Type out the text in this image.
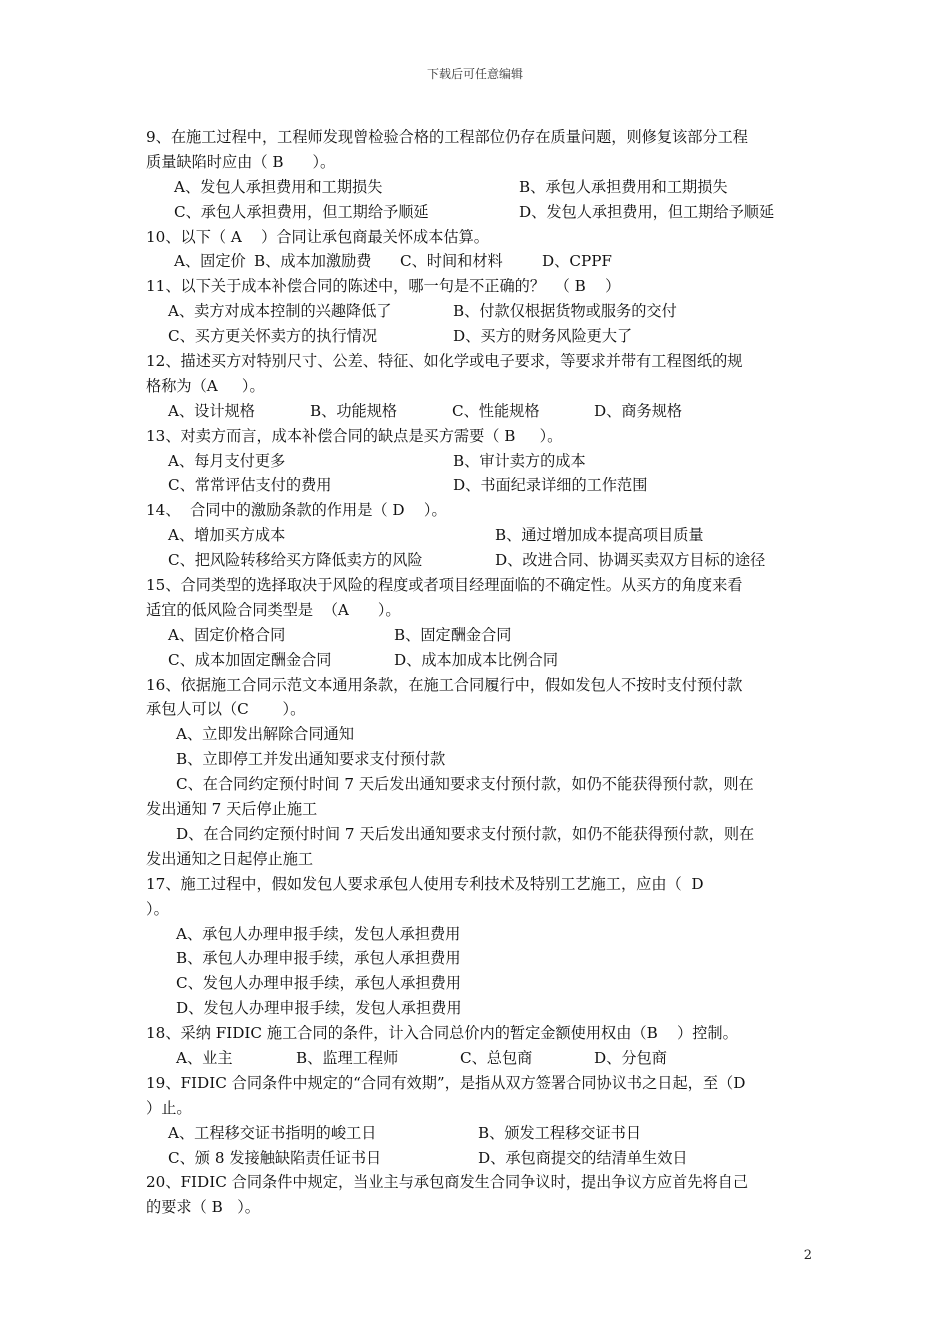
下载后可任意编辑
9、在施工过程中，工程师发现曾检验合格的工程部位仍存在质量问题，则修复该部分工程
质量缺陷时应由（ B      ）。
A、发包人承担费用和工期损失	B、承包人承担费用和工期损失
C、承包人承担费用，但工期给予顺延	D、发包人承担费用，但工期给予顺延
10、以下（ A    ）合同让承包商最关怀成本估算。
A、固定价 B、成本加激励费 C、时间和材料	D、CPPF
11、以下关于成本补偿合同的陈述中，哪一句是不正确的？  （ B    ）
A、卖方对成本控制的兴趣降低了	B、付款仅根据货物或服务的交付
C、买方更关怀卖方的执行情况	D、买方的财务风险更大了
12、描述买方对特别尺寸、公差、特征、如化学或电子要求，等要求并带有工程图纸的规
格称为（A     ）。
A、设计规格	B、功能规格	C、性能规格	D、商务规格
13、对卖方而言，成本补偿合同的缺点是买方需要（ B     ）。
A、每月支付更多	B、审计卖方的成本
C、常常评估支付的费用	D、书面纪录详细的工作范围
14、  合同中的激励条款的作用是（ D    ）。
A、增加买方成本	B、通过增加成本提高项目质量
C、把风险转移给买方降低卖方的风险	D、改进合同、协调买卖双方目标的途径
15、合同类型的选择取决于风险的程度或者项目经理面临的不确定性。从买方的角度来看
适宜的低风险合同类型是  （A      ）。
A、固定价格合同	B、固定酬金合同
C、成本加固定酬金合同	D、成本加成本比例合同
16、依据施工合同示范文本通用条款，在施工合同履行中，假如发包人不按时支付预付款
承包人可以（C       ）。
A、立即发出解除合同通知
B、立即停工并发出通知要求支付预付款
C、在合同约定预付时间 7 天后发出通知要求支付预付款，如仍不能获得预付款，则在
发出通知 7 天后停止施工
D、在合同约定预付时间 7 天后发出通知要求支付预付款，如仍不能获得预付款，则在
发出通知之日起停止施工
17、施工过程中，假如发包人要求承包人使用专利技术及特别工艺施工，应由（  D
）。
A、承包人办理申报手续，发包人承担费用
B、承包人办理申报手续，承包人承担费用
C、发包人办理申报手续，承包人承担费用
D、发包人办理申报手续，发包人承担费用
18、采纳 FIDIC 施工合同的条件，计入合同总价内的暂定金额使用权由（B    ）控制。
A、业主	B、监理工程师	C、总包商	D、分包商
19、FIDIC 合同条件中规定的“合同有效期”，是指从双方签署合同协议书之日起，至（D
）止。
A、工程移交证书指明的峻工日	B、颁发工程移交证书日
C、颁 8 发接触缺陷责任证书日	D、承包商提交的结清单生效日
20、FIDIC 合同条件中规定，当业主与承包商发生合同争议时，提出争议方应首先将自己
的要求（ B   ）。
2
